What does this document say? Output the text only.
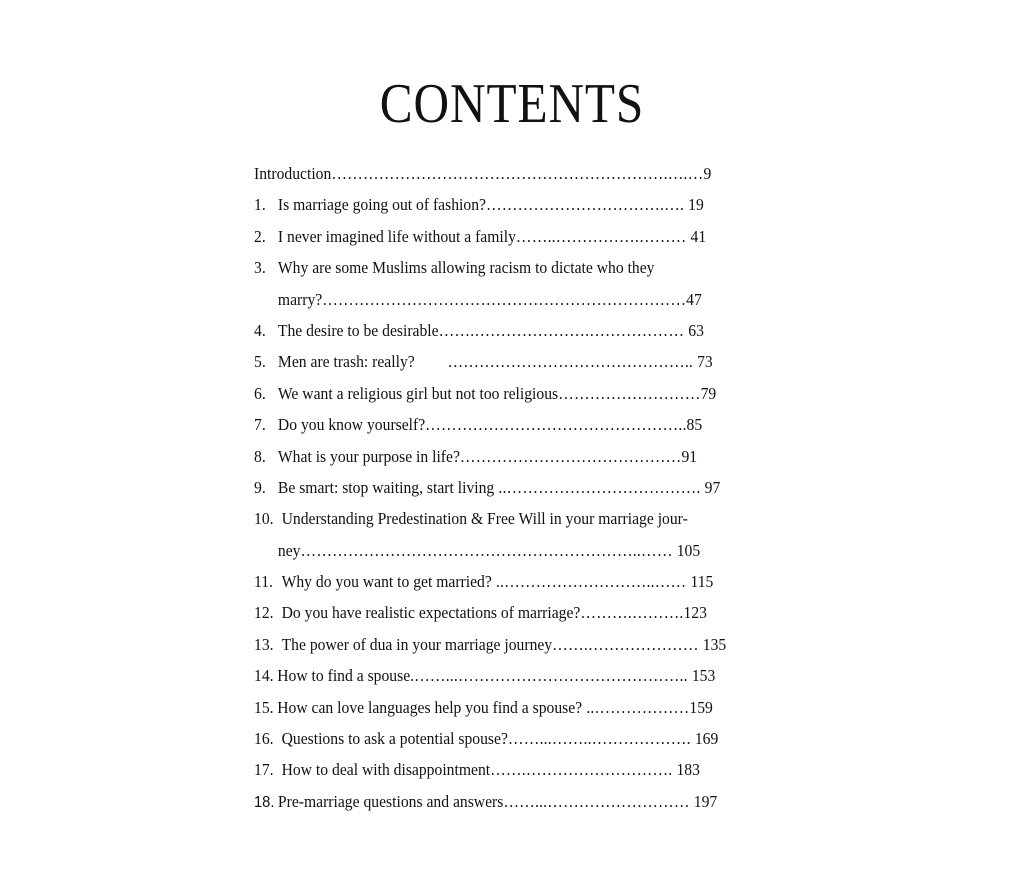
CONTENTS
Introduction……………………………………………………….….…9
1. Is marriage going out of fashion?…………………………….…. 19
2. I never imagined life without a family……..…………….……… 41
3. Why are some Muslims allowing racism to dictate who they
marry?……………………………………………………………47
4. The desire to be desirable…….………………….……………… 63
5. Men are trash: really?        ……………………………………….. 73
6. We want a religious girl but not too religious………………………79
7. Do you know yourself?…………………………………………..85
8. What is your purpose in life?……………………………………91
9. Be smart: stop waiting, start living ..………………………………. 97
10. Understanding Predestination & Free Will in your marriage jour-
ney………………………………………………………..…… 105
11. Why do you want to get married? ..………………………..…… 115
12. Do you have realistic expectations of marriage?……….……….123
13. The power of dua in your marriage journey…….………………… 135
14. How to find a spouse.……...…………………………………….. 153
15. How can love languages help you find a spouse? ..………………159
16. Questions to ask a potential spouse?……...……..………………. 169
17. How to deal with disappointment…….………………………. 183
18. Pre-marriage questions and answers……...……………………… 197
